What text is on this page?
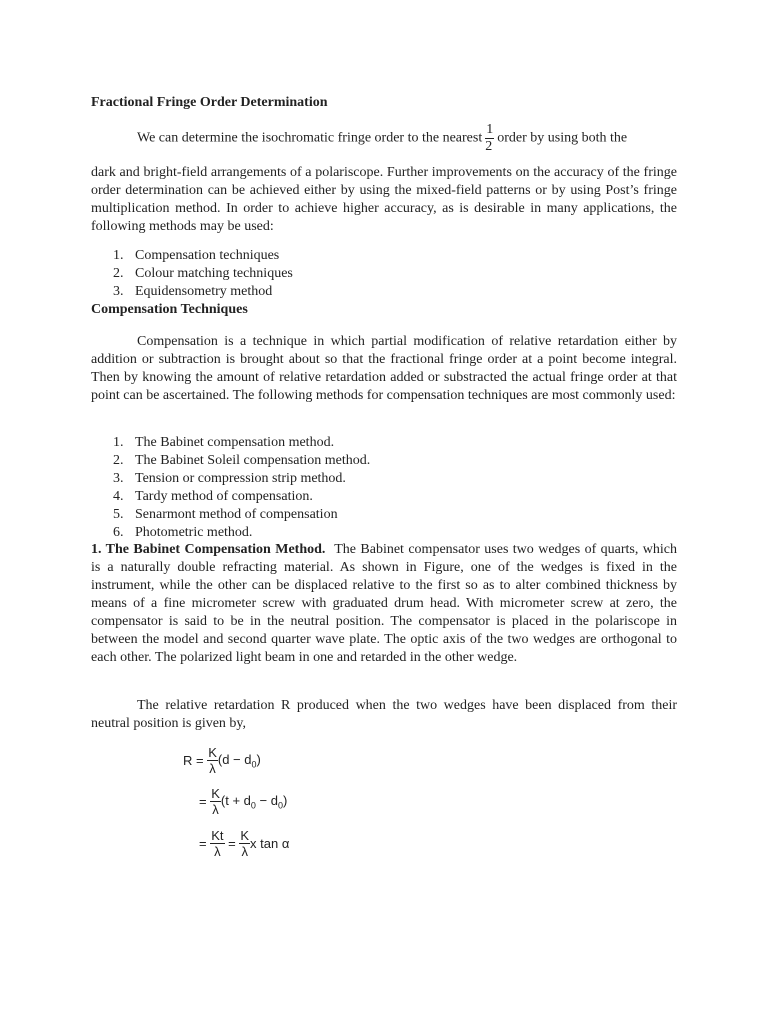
Fractional Fringe Order Determination

We can determine the isochromatic fringe order to the nearest $\frac{1}{2}$ order by using both the

dark and bright-field arrangements of a polariscope. Further improvements on the accuracy of the fringe order determination can be achieved either by using the mixed-field patterns or by using Post’s fringe multiplication method. In order to achieve higher accuracy, as is desirable in many applications, the following methods may be used:

1. Compensation techniques
2. Colour matching techniques
3. Equidensometry method
Compensation Techniques

Compensation is a technique in which partial modification of relative retardation either by addition or subtraction is brought about so that the fractional fringe order at a point become integral. Then by knowing the amount of relative retardation added or substracted the actual fringe order at that point can be ascertained. The following methods for compensation techniques are most commonly used:

1. The Babinet compensation method.
2. The Babinet Soleil compensation method.
3. Tension or compression strip method.
4. Tardy method of compensation.
5. Senarmont method of compensation
6. Photometric method.

1. The Babinet Compensation Method. The Babinet compensator uses two wedges of quarts, which is a naturally double refracting material. As shown in Figure, one of the wedges is fixed in the instrument, while the other can be displaced relative to the first so as to alter combined thickness by means of a fine micrometer screw with graduated drum head. With micrometer screw at zero, the compensator is said to be in the neutral position. The compensator is placed in the polariscope in between the model and second quarter wave plate. The optic axis of the two wedges are orthogonal to each other. The polarized light beam in one and retarded in the other wedge.

The relative retardation R produced when the two wedges have been displaced from their neutral position is given by,

$R = \frac{K}{\lambda} (d - d_0)$
= $\frac{K}{\lambda} (t + d_0 - d_0)$
= $\frac{Kt}{\lambda} = \frac{K}{\lambda}$ x tan α
